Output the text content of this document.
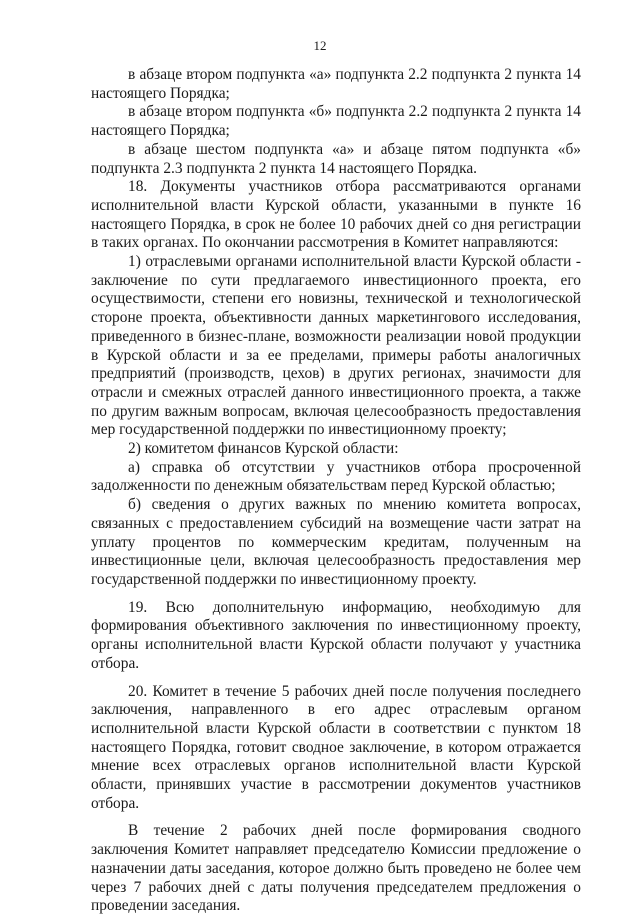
12

в абзаце втором подпункта «а» подпункта 2.2 подпункта 2 пункта 14 настоящего Порядка;

в абзаце втором подпункта «б» подпункта 2.2 подпункта 2 пункта 14 настоящего Порядка;

в абзаце шестом подпункта «а» и абзаце пятом подпункта «б» подпункта 2.3 подпункта 2 пункта 14 настоящего Порядка.

18. Документы участников отбора рассматриваются органами исполнительной власти Курской области, указанными в пункте 16 настоящего Порядка, в срок не более 10 рабочих дней со дня регистрации в таких органах. По окончании рассмотрения в Комитет направляются:

1) отраслевыми органами исполнительной власти Курской области - заключение по сути предлагаемого инвестиционного проекта, его осуществимости, степени его новизны, технической и технологической стороне проекта, объективности данных маркетингового исследования, приведенного в бизнес-плане, возможности реализации новой продукции в Курской области и за ее пределами, примеры работы аналогичных предприятий (производств, цехов) в других регионах, значимости для отрасли и смежных отраслей данного инвестиционного проекта, а также по другим важным вопросам, включая целесообразность предоставления мер государственной поддержки по инвестиционному проекту;

2) комитетом финансов Курской области:

а) справка об отсутствии у участников отбора просроченной задолженности по денежным обязательствам перед Курской областью;

б) сведения о других важных по мнению комитета вопросах, связанных с предоставлением субсидий на возмещение части затрат на уплату процентов по коммерческим кредитам, полученным на инвестиционные цели, включая целесообразность предоставления мер государственной поддержки по инвестиционному проекту.

19. Всю дополнительную информацию, необходимую для формирования объективного заключения по инвестиционному проекту, органы исполнительной власти Курской области получают у участника отбора.

20. Комитет в течение 5 рабочих дней после получения последнего заключения, направленного в его адрес отраслевым органом исполнительной власти Курской области в соответствии с пунктом 18 настоящего Порядка, готовит сводное заключение, в котором отражается мнение всех отраслевых органов исполнительной власти Курской области, принявших участие в рассмотрении документов участников отбора.

В течение 2 рабочих дней после формирования сводного заключения Комитет направляет председателю Комиссии предложение о назначении даты заседания, которое должно быть проведено не более чем через 7 рабочих дней с даты получения председателем предложения о проведении заседания.
